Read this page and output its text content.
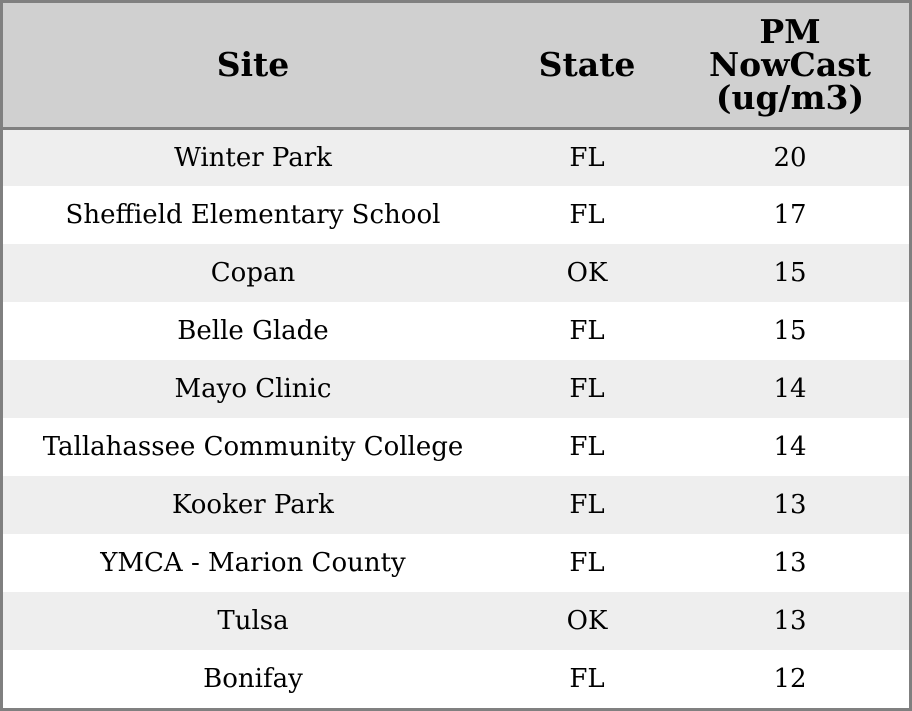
Site	State	PM
NowCast
(ug/m3)

Winter Park	FL	20
Sheffield Elementary School	FL	17
Copan	OK	15
Belle Glade	FL	15
Mayo Clinic	FL	14
Tallahassee Community College	FL	14
Kooker Park	FL	13
YMCA - Marion County	FL	13
Tulsa	OK	13
Bonifay	FL	12
